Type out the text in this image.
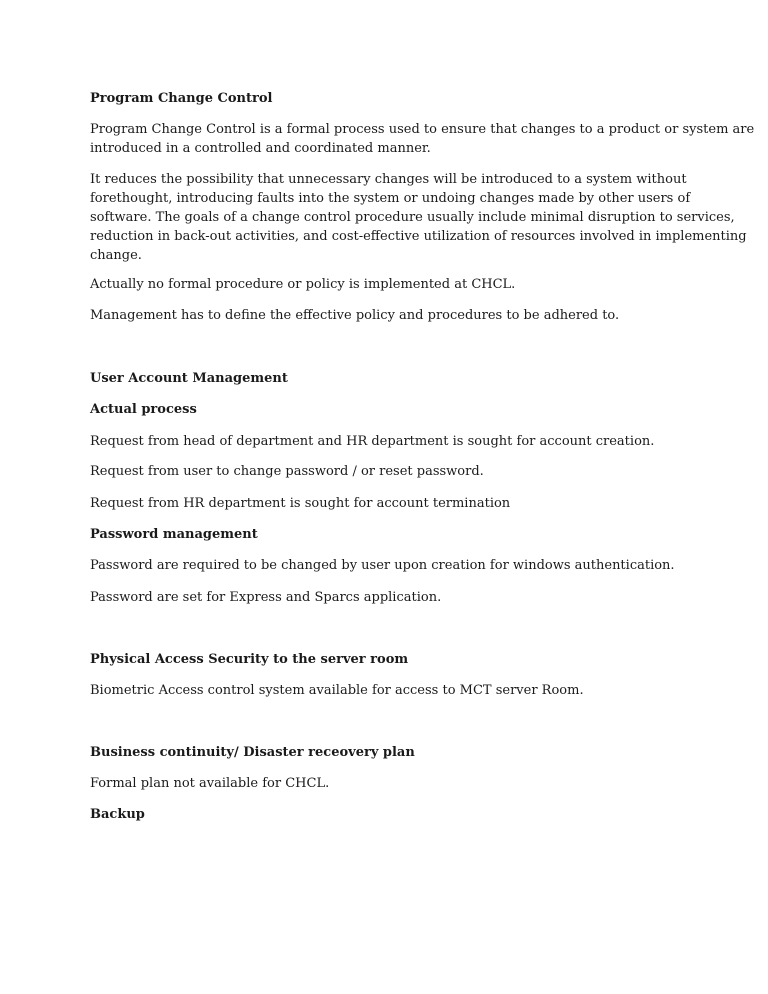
Program Change Control

Program Change Control is a formal process used to ensure that changes to a product or system are
introduced in a controlled and coordinated manner.
It reduces the possibility that unnecessary changes will be introduced to a system without
forethought, introducing faults into the system or undoing changes made by other users of
software. The goals of a change control procedure usually include minimal disruption to services,
reduction in back-out activities, and cost-effective utilization of resources involved in implementing
change.

Actually no formal procedure or policy is implemented at CHCL.

Management has to define the effective policy and procedures to be adhered to.

User Account Management

Actual process

Request from head of department and HR department is sought for account creation.

Request from user to change password / or reset password.

Request from HR department is sought for account termination

Password management

Password are required to be changed by user upon creation for windows authentication.

Password are set for Express and Sparcs application.

Physical Access Security to the server room

Biometric Access control system available for access to MCT server Room.

Business continuity/ Disaster receovery plan

Formal plan not available for CHCL.

Backup
